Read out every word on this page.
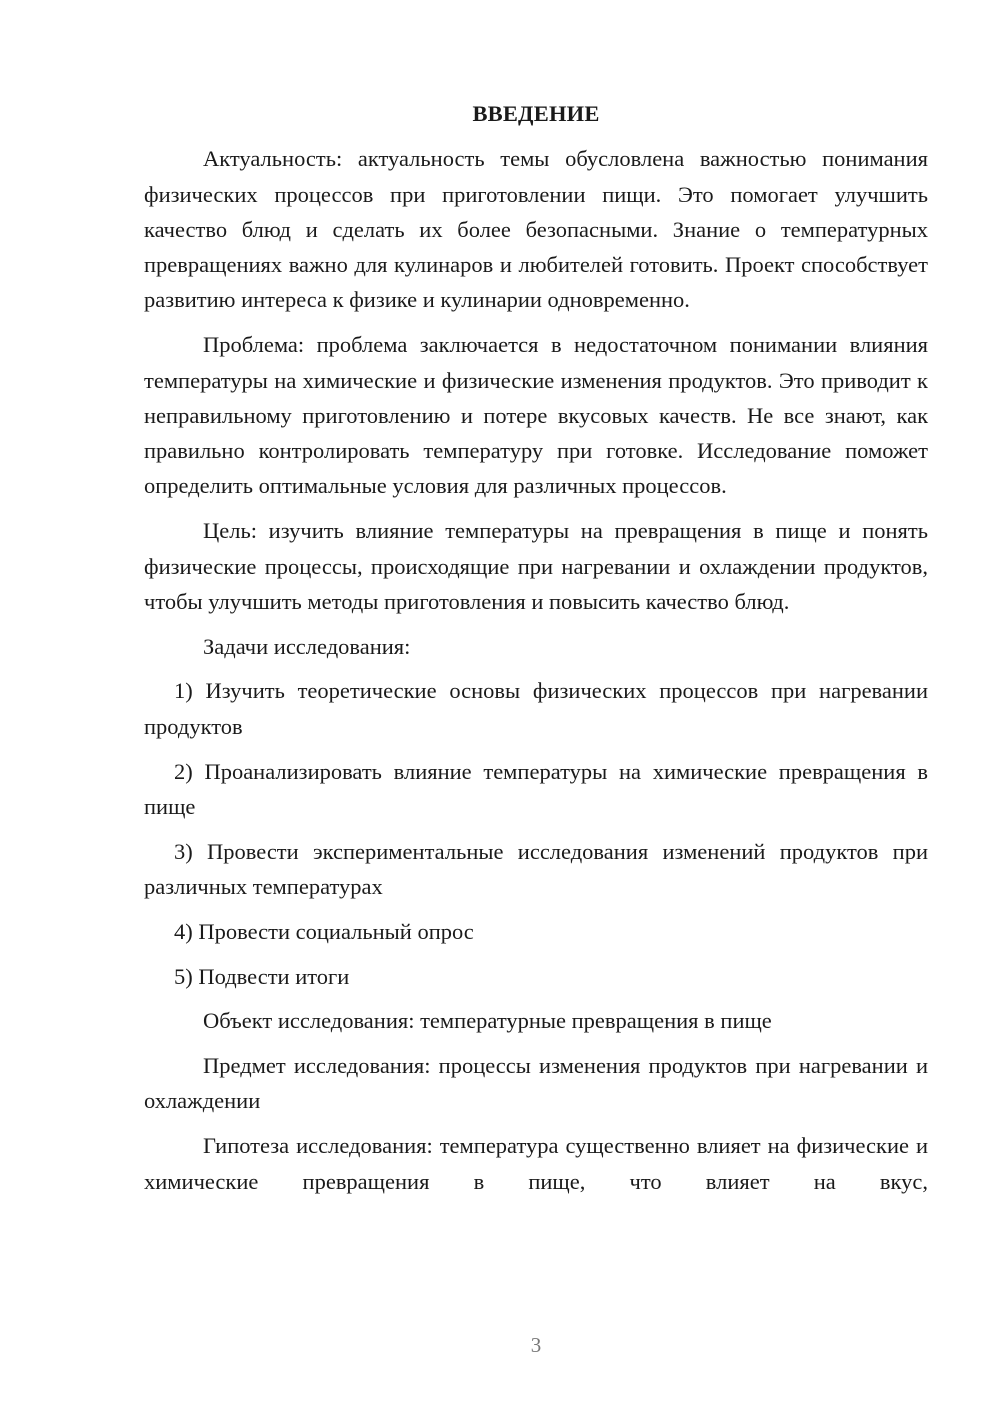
ВВЕДЕНИЕ

Актуальность: актуальность темы обусловлена важностью понимания физических процессов при приготовлении пищи. Это помогает улучшить качество блюд и сделать их более безопасными. Знание о температурных превращениях важно для кулинаров и любителей готовить. Проект способствует развитию интереса к физике и кулинарии одновременно.

Проблема: проблема заключается в недостаточном понимании влияния температуры на химические и физические изменения продуктов. Это приводит к неправильному приготовлению и потере вкусовых качеств. Не все знают, как правильно контролировать температуру при готовке. Исследование поможет определить оптимальные условия для различных процессов.

Цель: изучить влияние температуры на превращения в пище и понять физические процессы, происходящие при нагревании и охлаждении продуктов, чтобы улучшить методы приготовления и повысить качество блюд.

Задачи исследования:

1) Изучить теоретические основы физических процессов при нагревании продуктов

2) Проанализировать влияние температуры на химические превращения в пище

3) Провести экспериментальные исследования изменений продуктов при различных температурах

4) Провести социальный опрос

5) Подвести итоги

Объект исследования: температурные превращения в пище

Предмет исследования: процессы изменения продуктов при нагревании и охлаждении

Гипотеза исследования: температура существенно влияет на физические и химические превращения в пище, что влияет на вкус,

3
